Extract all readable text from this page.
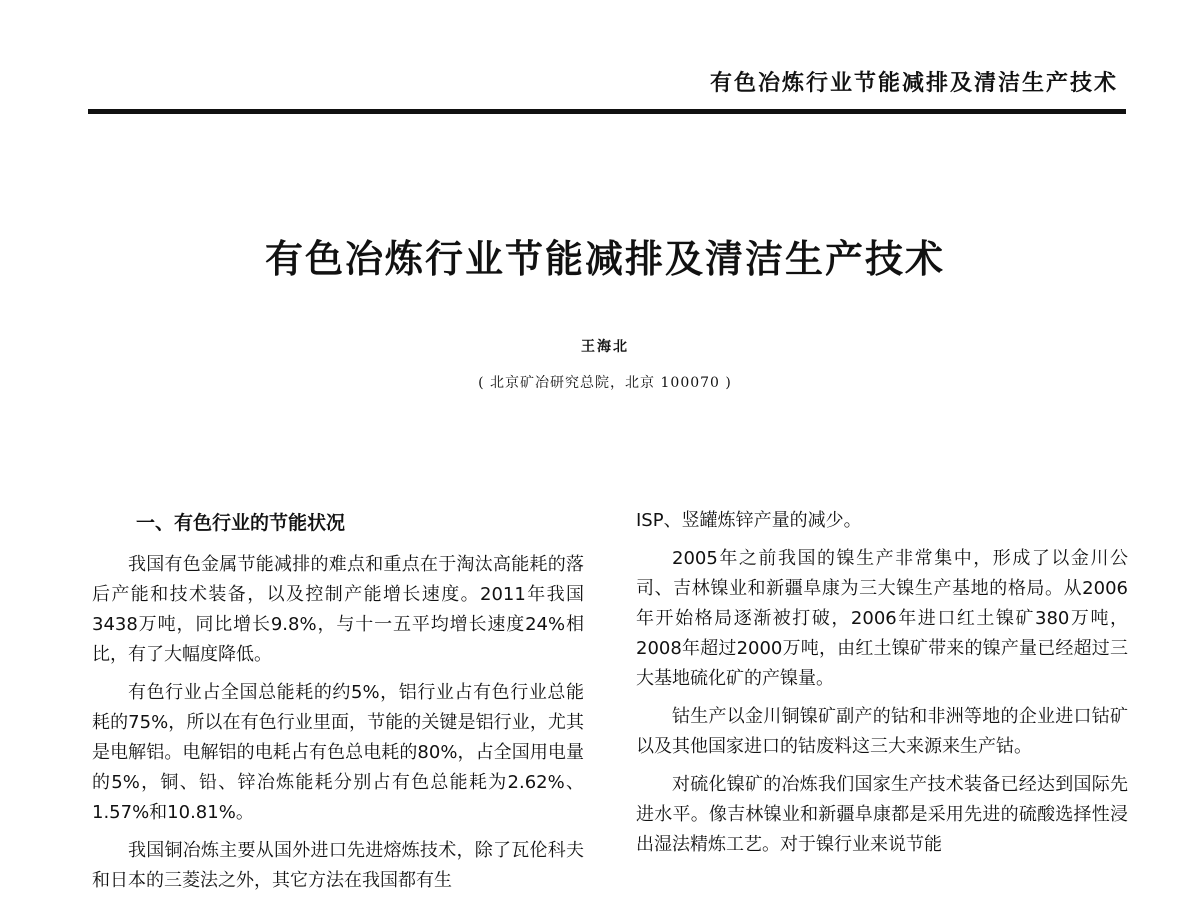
有色冶炼行业节能减排及清洁生产技术
有色冶炼行业节能减排及清洁生产技术
王海北
( 北京矿冶研究总院，北京 100070 )
一、有色行业的节能状况

我国有色金属节能减排的难点和重点在于淘汰高能耗的落后产能和技术装备，以及控制产能增长速度。2011年我国3438万吨，同比增长9.8%，与十一五平均增长速度24%相比，有了大幅度降低。

有色行业占全国总能耗的约5%，铝行业占有色行业总能耗的75%，所以在有色行业里面，节能的关键是铝行业，尤其是电解铝。电解铝的电耗占有色总电耗的80%，占全国用电量的5%，铜、铅、锌冶炼能耗分别占有色总能耗为2.62%、1.57%和10.81%。

我国铜冶炼主要从国外进口先进熔炼技术，除了瓦伦科夫和日本的三菱法之外，其它方法在我国都有生

ISP、竖罐炼锌产量的减少。

2005年之前我国的镍生产非常集中，形成了以金川公司、吉林镍业和新疆阜康为三大镍生产基地的格局。从2006年开始格局逐渐被打破，2006年进口红土镍矿380万吨，2008年超过2000万吨，由红土镍矿带来的镍产量已经超过三大基地硫化矿的产镍量。

钴生产以金川铜镍矿副产的钴和非洲等地的企业进口钴矿以及其他国家进口的钴废料这三大来源来生产钴。

对硫化镍矿的冶炼我们国家生产技术装备已经达到国际先进水平。像吉林镍业和新疆阜康都是采用先进的硫酸选择性浸出湿法精炼工艺。对于镍行业来说节能
